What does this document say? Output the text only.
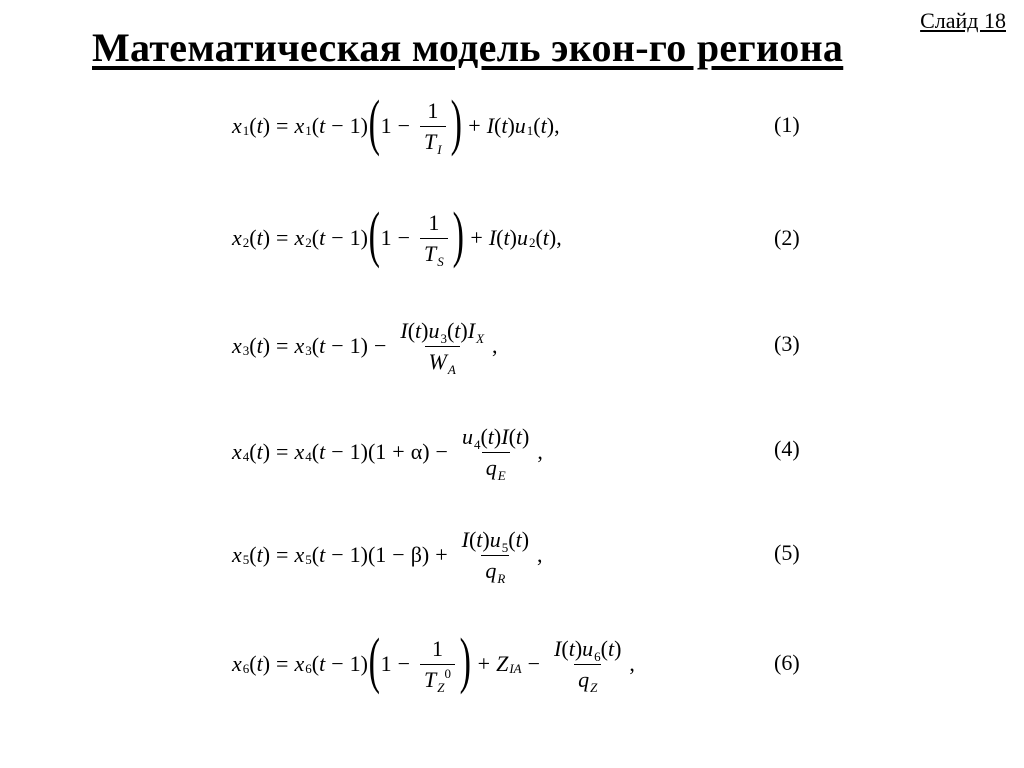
Слайд 18
Математическая модель экон-го региона
x 1 ( t ) = x 1 ( t − 1 ) ( $1 - \frac{1}{T_I}$ ) + I ( t ) u 1 ( t ) ,	(1)
x 2 ( t ) = x 2 ( t − 1 ) ( $1 - \frac{1}{T_S}$ ) + I ( t ) u 2 ( t ) ,	(2)
x 3 ( t ) = x 3 ( t − 1 ) − $\frac{I(t)u_3(t)I_X}{W_A}$ ,	(3)
x 4 ( t ) = x 4 ( t − 1 ) ( 1 + α ) − $\frac{u_4(t)I(t)}{q_E}$ ,	(4)
x 5 ( t ) = x 5 ( t − 1 ) ( 1 − β ) + $\frac{I(t)u_5(t)}{q_R}$ ,	(5)
x 6 ( t ) = x 6 ( t − 1 ) ( $1 - \frac{1}{T_Z^0}$ ) + Z IA − $\frac{I(t)u_6(t)}{q_Z}$ ,	(6)
